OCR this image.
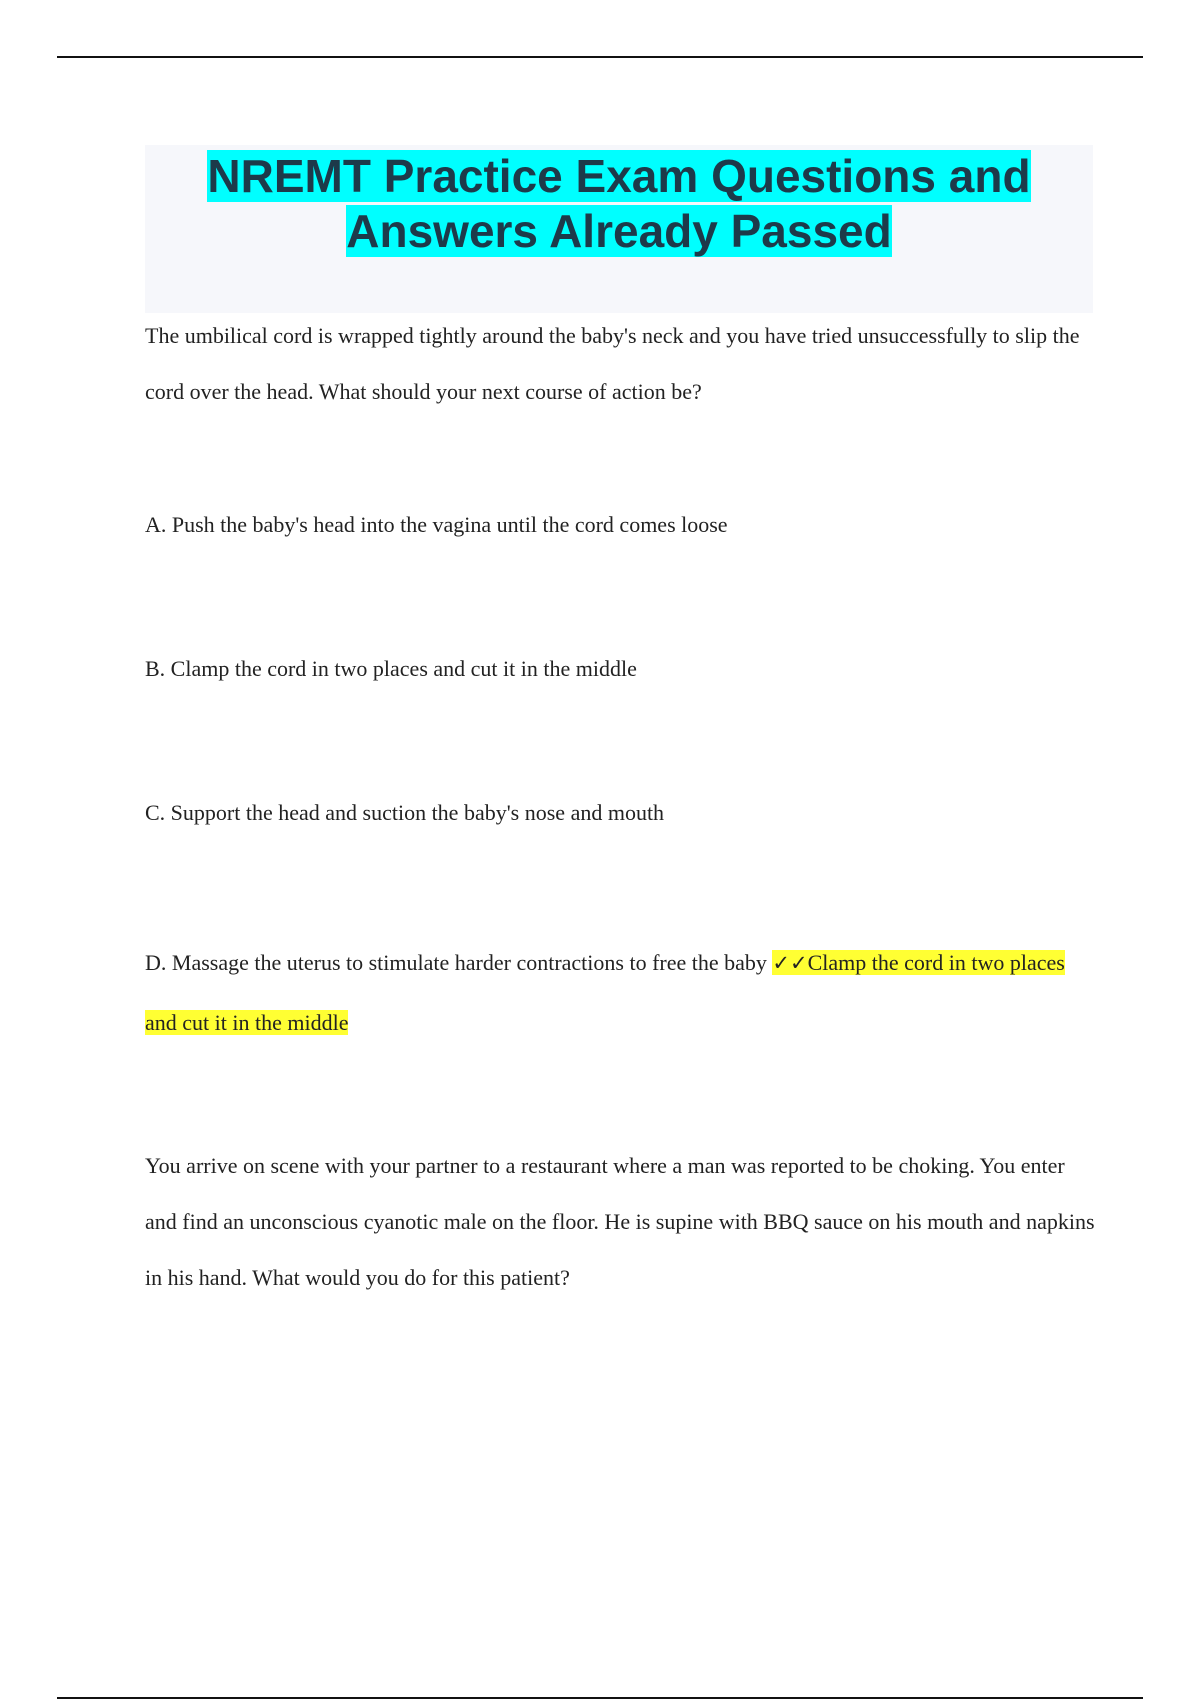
NREMT Practice Exam Questions and
Answers Already Passed

The umbilical cord is wrapped tightly around the baby's neck and you have tried unsuccessfully to slip the cord over the head. What should your next course of action be?

A. Push the baby's head into the vagina until the cord comes loose

B. Clamp the cord in two places and cut it in the middle

C. Support the head and suction the baby's nose and mouth

D. Massage the uterus to stimulate harder contractions to free the baby ✓✓Clamp the cord in two places and cut it in the middle

You arrive on scene with your partner to a restaurant where a man was reported to be choking. You enter and find an unconscious cyanotic male on the floor. He is supine with BBQ sauce on his mouth and napkins in his hand. What would you do for this patient?
